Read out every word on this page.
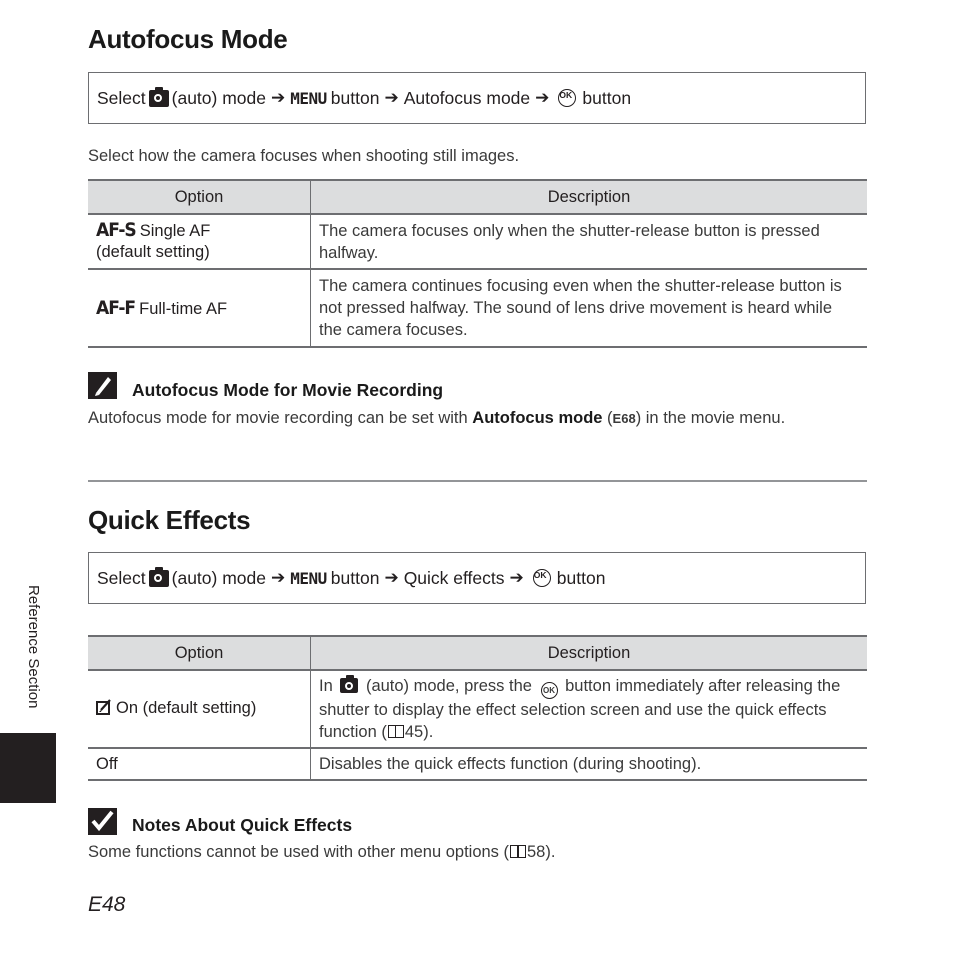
Autofocus Mode
Select (auto) mode ➔ MENU button ➔ Autofocus mode ➔ OK button
Select how the camera focuses when shooting still images.
Option	Description
AF-S Single AF
(default setting)	The camera focuses only when the shutter-release button is pressed halfway.
AF-F Full-time AF	The camera continues focusing even when the shutter-release button is not pressed halfway. The sound of lens drive movement is heard while the camera focuses.
Autofocus Mode for Movie Recording
Autofocus mode for movie recording can be set with Autofocus mode (E68) in the movie menu.
Quick Effects
Select (auto) mode ➔ MENU button ➔ Quick effects ➔ OK button
Option	Description
On (default setting)	In  (auto) mode, press the OK button immediately after releasing the shutter to display the effect selection screen and use the quick effects function ( 45).
Off	Disables the quick effects function (during shooting).
Notes About Quick Effects
Some functions cannot be used with other menu options ( 58).
Reference Section
E48
